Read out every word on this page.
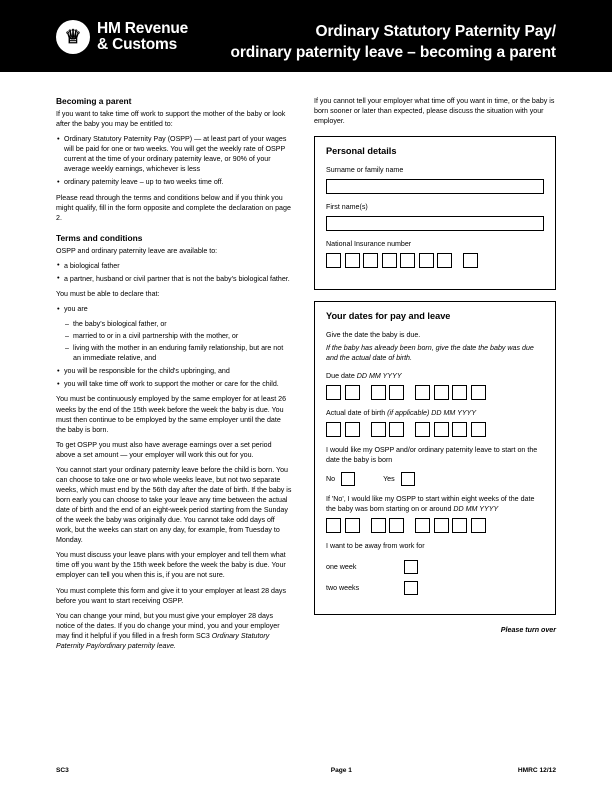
♕ HM Revenue
& Customs
Ordinary Statutory Paternity Pay/
ordinary paternity leave – becoming a parent
Becoming a parent

If you want to take time off work to support the mother of the baby or look after the baby you may be entitled to:

• Ordinary Statutory Paternity Pay (OSPP) — at least part of your wages will be paid for one or two weeks. You will get the weekly rate of OSPP current at the time of your ordinary paternity leave, or 90% of your average weekly earnings, whichever is less
• ordinary paternity leave – up to two weeks time off.

Please read through the terms and conditions below and if you think you might qualify, fill in the form opposite and complete the declaration on page 2.

Terms and conditions

OSPP and ordinary paternity leave are available to:

• a biological father
• a partner, husband or civil partner that is not the baby's biological father.

You must be able to declare that:

• you are
– the baby's biological father, or
– married to or in a civil partnership with the mother, or
– living with the mother in an enduring family relationship, but are not an immediate relative, and
• you will be responsible for the child's upbringing, and
• you will take time off work to support the mother or care for the child.

You must be continuously employed by the same employer for at least 26 weeks by the end of the 15th week before the week the baby is due. You must then continue to be employed by the same employer until the date the baby is born.

To get OSPP you must also have average earnings over a set period above a set amount — your employer will work this out for you.

You cannot start your ordinary paternity leave before the child is born. You can choose to take one or two whole weeks leave, but not two separate weeks, which must end by the 56th day after the date of birth. If the baby is born early you can choose to take your leave any time between the actual date of birth and the end of an eight-week period starting from the Sunday of the week the baby was originally due. You cannot take odd days off work, but the weeks can start on any day, for example, from Tuesday to Monday.

You must discuss your leave plans with your employer and tell them what time off you want by the 15th week before the week the baby is due. Your employer can tell you when this is, if you are not sure.

You must complete this form and give it to your employer at least 28 days before you want to start receiving OSPP.

You can change your mind, but you must give your employer 28 days notice of the dates. If you do change your mind, you and your employer may find it helpful if you filled in a fresh form SC3 Ordinary Statutory Paternity Pay/ordinary paternity leave.

If you cannot tell your employer what time off you want in time, or the baby is born sooner or later than expected, please discuss the situation with your employer.

Personal details
Surname or family name
First name(s)
National Insurance number
Your dates for pay and leave
Give the date the baby is due.
If the baby has already been born, give the date the baby was due and the actual date of birth.
Due date DD MM YYYY
Actual date of birth (if applicable) DD MM YYYY
I would like my OSPP and/or ordinary paternity leave to start on the date the baby is born
No	Yes
If 'No', I would like my OSPP to start within eight weeks of the date the baby was born starting on or around DD MM YYYY
I want to be away from work for
one week
two weeks
Please turn over
SC3	Page 1	HMRC 12/12
